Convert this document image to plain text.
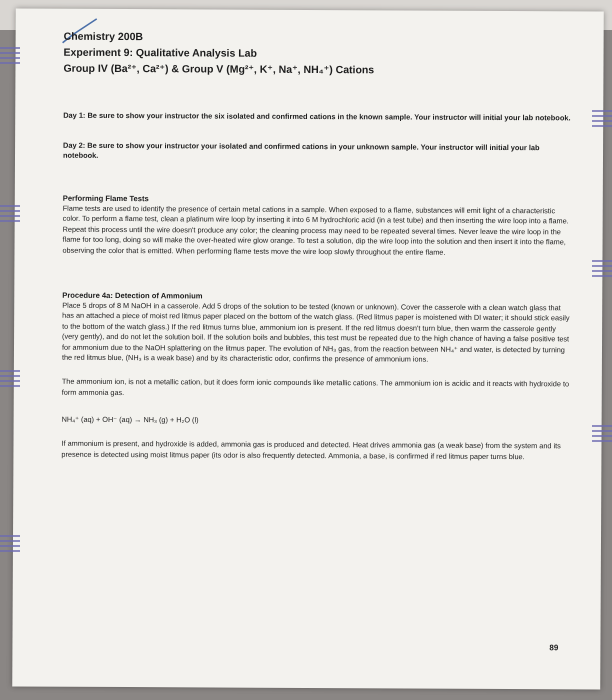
Chemistry 200B
Experiment 9: Qualitative Analysis Lab
Group IV (Ba²⁺, Ca²⁺) & Group V (Mg²⁺, K⁺, Na⁺, NH₄⁺) Cations
Day 1: Be sure to show your instructor the six isolated and confirmed cations in the known sample. Your instructor will initial your lab notebook.
Day 2: Be sure to show your instructor your isolated and confirmed cations in your unknown sample. Your instructor will initial your lab notebook.
Performing Flame Tests
Flame tests are used to identify the presence of certain metal cations in a sample. When exposed to a flame, substances will emit light of a characteristic color. To perform a flame test, clean a platinum wire loop by inserting it into 6 M hydrochloric acid (in a test tube) and then inserting the wire loop into a flame. Repeat this process until the wire doesn't produce any color; the cleaning process may need to be repeated several times. Never leave the wire loop in the flame for too long, doing so will make the over-heated wire glow orange. To test a solution, dip the wire loop into the solution and then insert it into the flame, observing the color that is emitted. When performing flame tests move the wire loop slowly throughout the entire flame.
Procedure 4a: Detection of Ammonium
Place 5 drops of 8 M NaOH in a casserole. Add 5 drops of the solution to be tested (known or unknown). Cover the casserole with a clean watch glass that has an attached a piece of moist red litmus paper placed on the bottom of the watch glass. (Red litmus paper is moistened with DI water; it should stick easily to the bottom of the watch glass.) If the red litmus turns blue, ammonium ion is present. If the red litmus doesn't turn blue, then warm the casserole gently (very gently), and do not let the solution boil. If the solution boils and bubbles, this test must be repeated due to the high chance of having a false positive test for ammonium due to the NaOH splattering on the litmus paper. The evolution of NH₃ gas, from the reaction between NH₄⁺ and water, is detected by turning the red litmus blue, (NH₃ is a weak base) and by its characteristic odor, confirms the presence of ammonium ions.
The ammonium ion, is not a metallic cation, but it does form ionic compounds like metallic cations. The ammonium ion is acidic and it reacts with hydroxide to form ammonia gas.
NH₄⁺ (aq) + OH⁻ (aq) → NH₃ (g) + H₂O (l)
If ammonium is present, and hydroxide is added, ammonia gas is produced and detected. Heat drives ammonia gas (a weak base) from the system and its presence is detected using moist litmus paper (its odor is also frequently detected. Ammonia, a base, is confirmed if red litmus paper turns blue.
89
